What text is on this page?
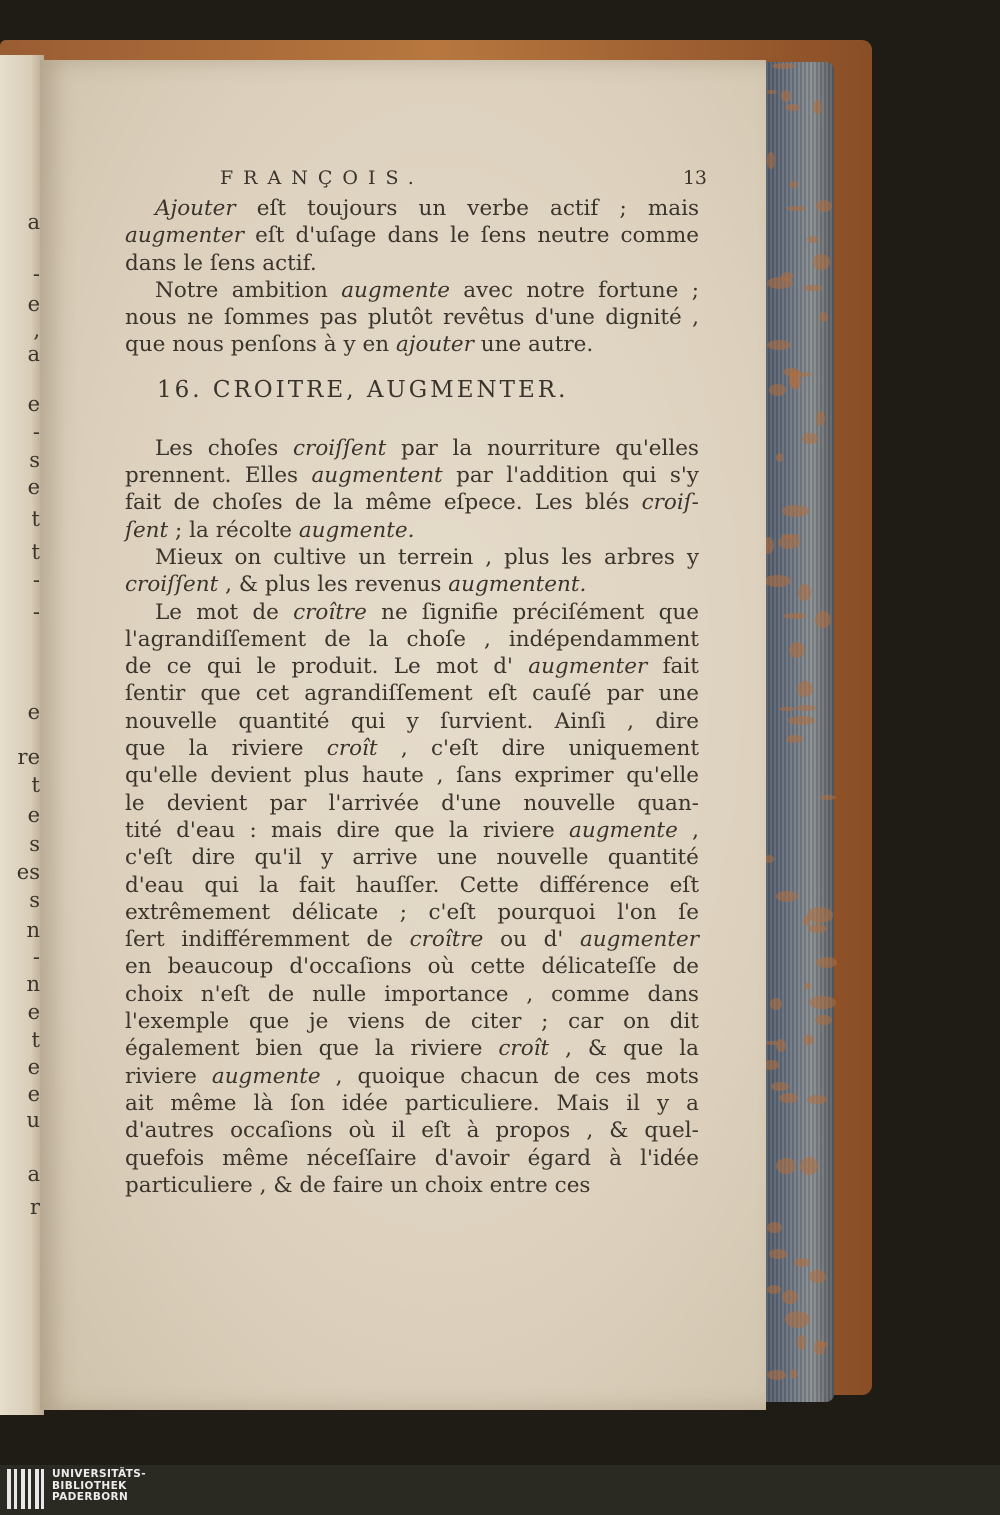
a
-
e
,
a
e
-
s
e
t
t
-
-
e
re
t
e
s
es
s
n
-
n
e
t
e
e
u
a
r
FRANÇOIS.	13
Ajouter eſt toujours un verbe actif ; mais
augmenter eſt d'uſage dans le ſens neutre comme
dans le ſens actif.
Notre ambition augmente avec notre fortune ;
nous ne ſommes pas plutôt revêtus d'une dignité ,
que nous penſons à y en ajouter une autre.
16. CROITRE, AUGMENTER.
Les choſes croiſſent par la nourriture qu'elles
prennent. Elles augmentent par l'addition qui s'y
fait de choſes de la même eſpece. Les blés croiſ-
ſent ; la récolte augmente.
Mieux on cultive un terrein , plus les arbres y
croiſſent , & plus les revenus augmentent.
Le mot de croître ne ſignifie préciſément que
l'agrandiſſement de la choſe , indépendamment
de ce qui le produit. Le mot d' augmenter fait
ſentir que cet agrandiſſement eſt cauſé par une
nouvelle quantité qui y ſurvient. Ainſi , dire
que la riviere croît , c'eſt dire uniquement
qu'elle devient plus haute , ſans exprimer qu'elle
le devient par l'arrivée d'une nouvelle quan-
tité d'eau : mais dire que la riviere augmente ,
c'eſt dire qu'il y arrive une nouvelle quantité
d'eau qui la fait hauſſer. Cette différence eſt
extrêmement délicate ; c'eſt pourquoi l'on ſe
ſert indifféremment de croître ou d' augmenter
en beaucoup d'occaſions où cette délicateſſe de
choix n'eſt de nulle importance , comme dans
l'exemple que je viens de citer ; car on dit
également bien que la riviere croît , & que la
riviere augmente , quoique chacun de ces mots
ait même là ſon idée particuliere. Mais il y a
d'autres occaſions où il eſt à propos , & quel-
quefois même néceſſaire d'avoir égard à l'idée
particuliere , & de faire un choix entre ces
UNIVERSITÄTS-
BIBLIOTHEK
PADERBORN
